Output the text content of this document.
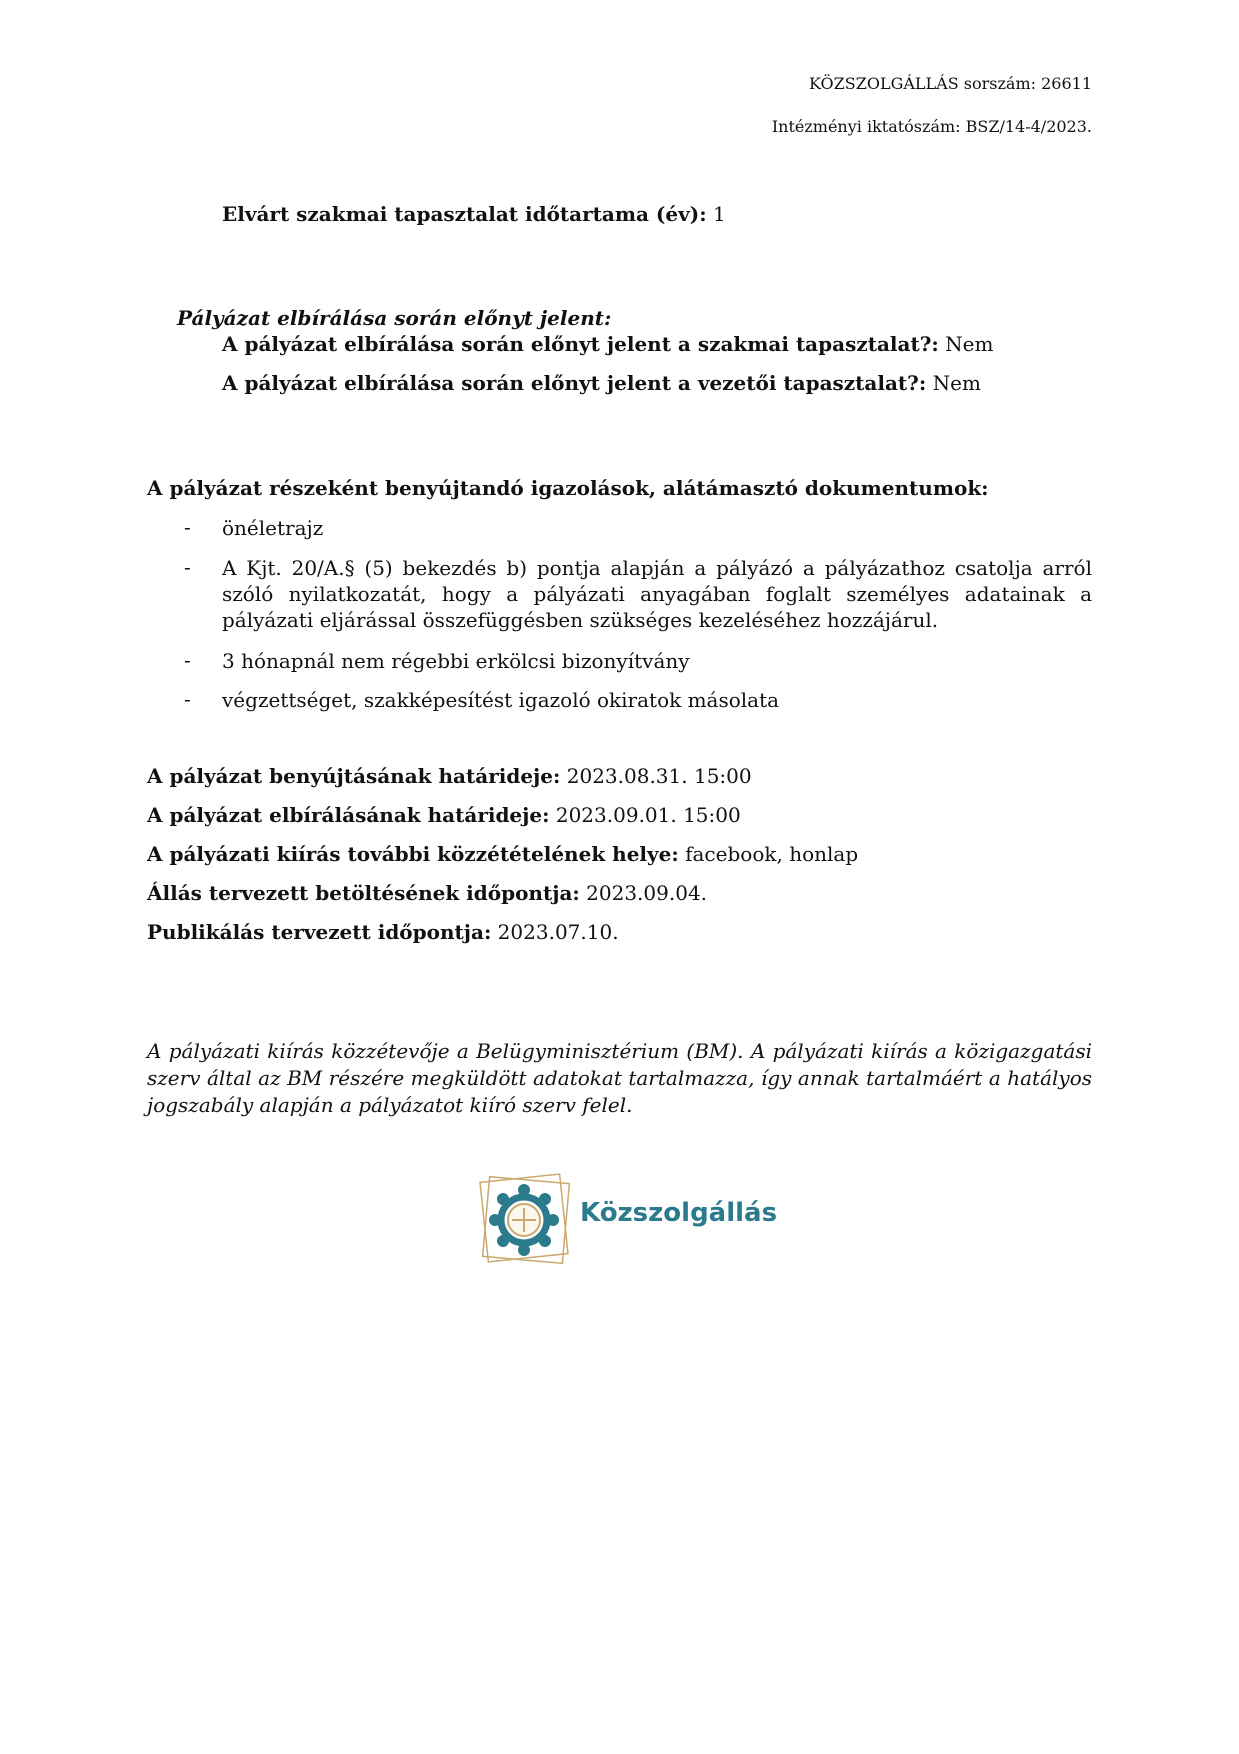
KÖZSZOLGÁLLÁS sorszám: 26611
Intézményi iktatószám: BSZ/14-4/2023.
Elvárt szakmai tapasztalat időtartama (év): 1
Pályázat elbírálása során előnyt jelent:
A pályázat elbírálása során előnyt jelent a szakmai tapasztalat?: Nem
A pályázat elbírálása során előnyt jelent a vezetői tapasztalat?: Nem
A pályázat részeként benyújtandó igazolások, alátámasztó dokumentumok:
- önéletrajz
- A Kjt. 20/A.§ (5) bekezdés b) pontja alapján a pályázó a pályázathoz csatolja arról szóló nyilatkozatát, hogy a pályázati anyagában foglalt személyes adatainak a pályázati eljárással összefüggésben szükséges kezeléséhez hozzájárul.
- 3 hónapnál nem régebbi erkölcsi bizonyítvány
- végzettséget, szakképesítést igazoló okiratok másolata
A pályázat benyújtásának határideje: 2023.08.31. 15:00
A pályázat elbírálásának határideje: 2023.09.01. 15:00
A pályázati kiírás további közzétételének helye: facebook, honlap
Állás tervezett betöltésének időpontja: 2023.09.04.
Publikálás tervezett időpontja: 2023.07.10.
A pályázati kiírás közzétevője a Belügyminisztérium (BM). A pályázati kiírás a közigazgatási szerv által az BM részére megküldött adatokat tartalmazza, így annak tartalmáért a hatályos jogszabály alapján a pályázatot kiíró szerv felel.
Közszolgállás
